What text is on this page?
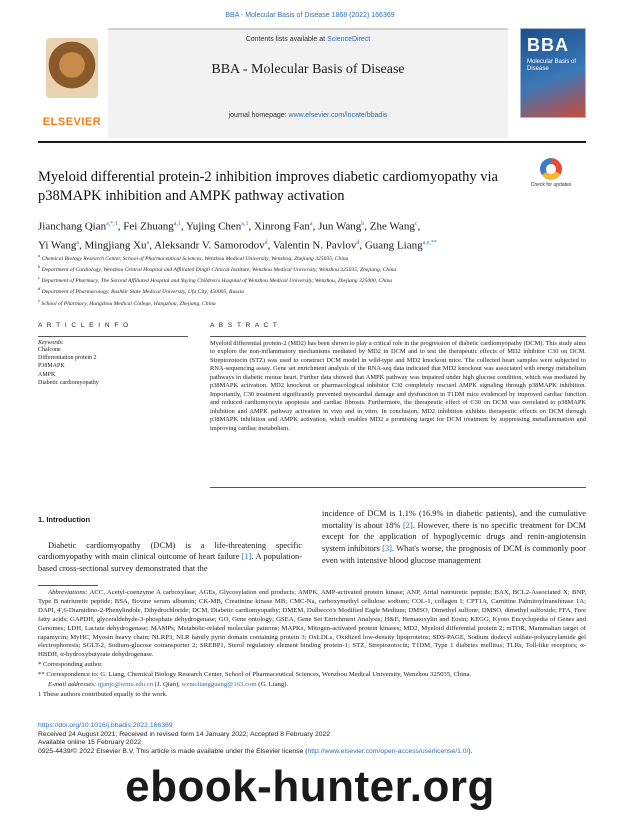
BBA - Molecular Basis of Disease 1868 (2022) 166369
ELSEVIER
Contents lists available at ScienceDirect
BBA - Molecular Basis of Disease
journal homepage: www.elsevier.com/locate/bbadis
BBA
Molecular Basis of Disease
Myeloid differential protein-2 inhibition improves diabetic cardiomyopathy via p38MAPK inhibition and AMPK pathway activation
Check for updates
Jianchang Qian$^{a,*,1}$, Fei Zhuang$^{a,1}$, Yujing Chen$^{a,1}$, Xinrong Fan$^a$, Jun Wang$^b$, Zhe Wang$^c$,
Yi Wang$^a$, Mingjiang Xu$^a$, Aleksandr V. Samorodov$^d$, Valentin N. Pavlov$^d$, Guang Liang$^{a,e,**}$
$^a$ Chemical Biology Research Center, School of Pharmaceutical Sciences, Wenzhou Medical University, Wenzhou, Zhejiang 325035, China
$^b$ Department of Cardiology, Wenzhou Central Hospital and Affiliated Dingli Clinical Institute, Wenzhou Medical University, Wenzhou 325035, Zhejiang, China
$^c$ Department of Pharmacy, The Second Affiliated Hospital and Yuying Children's Hospital of Wenzhou Medical University, Wenzhou, Zhejiang 325000, China
$^d$ Department of Pharmacology, Bashkir State Medical University, Ufa City, 450005, Russia
$^e$ School of Pharmacy, Hangzhou Medical College, Hangzhou, Zhejiang, China
A R T I C L E I N F O
Keywords:
Chalcone
Differentiation protein 2
P38MAPK
AMPK
Diabetic cardiomyopathy
A B S T R A C T
Myeloid differential protein-2 (MD2) has been shown to play a critical role in the progression of diabetic cardiomyopathy (DCM). This study aims to explore the non-inflammatory mechanisms mediated by MD2 in DCM and to test the therapeutic effects of MD2 inhibitor C30 on DCM. Streptozotocin (STZ) was used to construct DCM model in wild-type and MD2 knockout mice. The collected heart samples were subjected to RNA-sequencing assay. Gene set enrichment analysis of the RNA-seq data indicated that MD2 knockout was associated with energy metabolism pathways in diabetic mouse heart. Further data showed that AMPK pathway was impaired under high glucose condition, which was mediated by p38MAPK activation. MD2 knockout or pharmacological inhibitor C30 completely rescued AMPK signaling through p38MAPK inhibition. Importantly, C30 treatment significantly prevented myocardial damage and dysfunction in T1DM mice evidenced by improved cardiac function and reduced cardiomyocyte apoptosis and cardiac fibrosis. Furthermore, the therapeutic effect of C30 on DCM was correlated to p38MAPK inhibition and AMPK pathway activation in vivo and in vitro. In conclusion, MD2 inhibition exhibits therapeutic effects on DCM through p38MAPK inhibition and AMPK activation, which enables MD2 a promising target for DCM treatment by suppressing metaflammation and improving cardiac metabolism.
1. Introduction
Diabetic cardiomyopathy (DCM) is a life-threatening specific cardiomyopathy with main clinical outcome of heart failure [1]. A population-based cross-sectional survey demonstrated that the
incidence of DCM is 1.1% (16.9% in diabetic patients), and the cumulative mortality is about 18% [2]. However, there is no specific treatment for DCM except for the application of hypoglycemic drugs and renin-angiotensin system inhibitors [3]. What's worse, the prognosis of DCM is commonly poor even with intensive blood glucose management
Abbreviations: ACC, Acetyl-coenzyme A carboxylase; AGEs, Glycosylation end products; AMPK, AMP-activated protein kinase; ANP, Atrial natriuretic peptide; BAX, BCL2-Associated X; BNP, Type B natriuretic peptide; BSA, Bovine serum albumin; CK-MB, Creatinine kinase MB; CMC-Na, carboxymethyl cellulose sodium; COL-1, collagen I; CPT1A, Carnitine Palmitoyltransferase 1A; DAPI, 4',6-Diamidino-2-Phenylindole, Dihydrochloride; DCM, Diabetic cardiomyopathy; DMEM, Dulbecco's Modified Eagle Medium; DMSO, Dimethyl sulfone; DMSO, dimethyl sulfoxide; FFA, Free fatty acids; GAPDH, glyceraldehyde-3-phosphate dehydrogenase; GO, Gene ontology; GSEA, Gene Set Enrichment Analysis; H&E, Hematoxylin and Eosin; KEGG, Kyoto Encyclopedia of Genes and Genomes; LDH, Lactate dehydrogenase; MAMPs, Metabolic-related molecular patterns; MAPKs, Mitogen-activated protein kinases; MD2, Myeloid differential protein 2; mTOR, Mammalian target of rapamycin; MyHC, Myosin heavy chain; NLRP3, NLR family pyrin domain containing protein 3; OxLDLs, Oxidized low-density lipoproteins; SDS-PAGE, Sodium dodecyl sulfate-polyacrylamide gel electrophoresis; SGLT-2, Sodium-glucose cotransporter 2; SREBP1, Sterol regulatory element binding protein-1; STZ, Streptozotocin; T1DM, Type 1 diabetes mellitus; TLRs, Toll-like receptors; α-HBDH, α-hydroxybutyrate dehydrogenase.
* Corresponding author.
** Correspondence to: G. Liang, Chemical Biology Research Center, School of Pharmaceutical Sciences, Wenzhou Medical University, Wenzhou 325035, China.
E-mail addresses: qjanjc@wmu.edu.cn (J. Qian), wzmcliangguang@163.com (G. Liang).
1 These authors contributed equally to the work.
https://doi.org/10.1016/j.bbadis.2022.166369
Received 24 August 2021; Received in revised form 14 January 2022; Accepted 8 February 2022
Available online 15 February 2022
0925-4439/© 2022 Elsevier B.V. This article is made available under the Elsevier license (http://www.elsevier.com/open-access/userlicense/1.0/).
ebook-hunter.org
